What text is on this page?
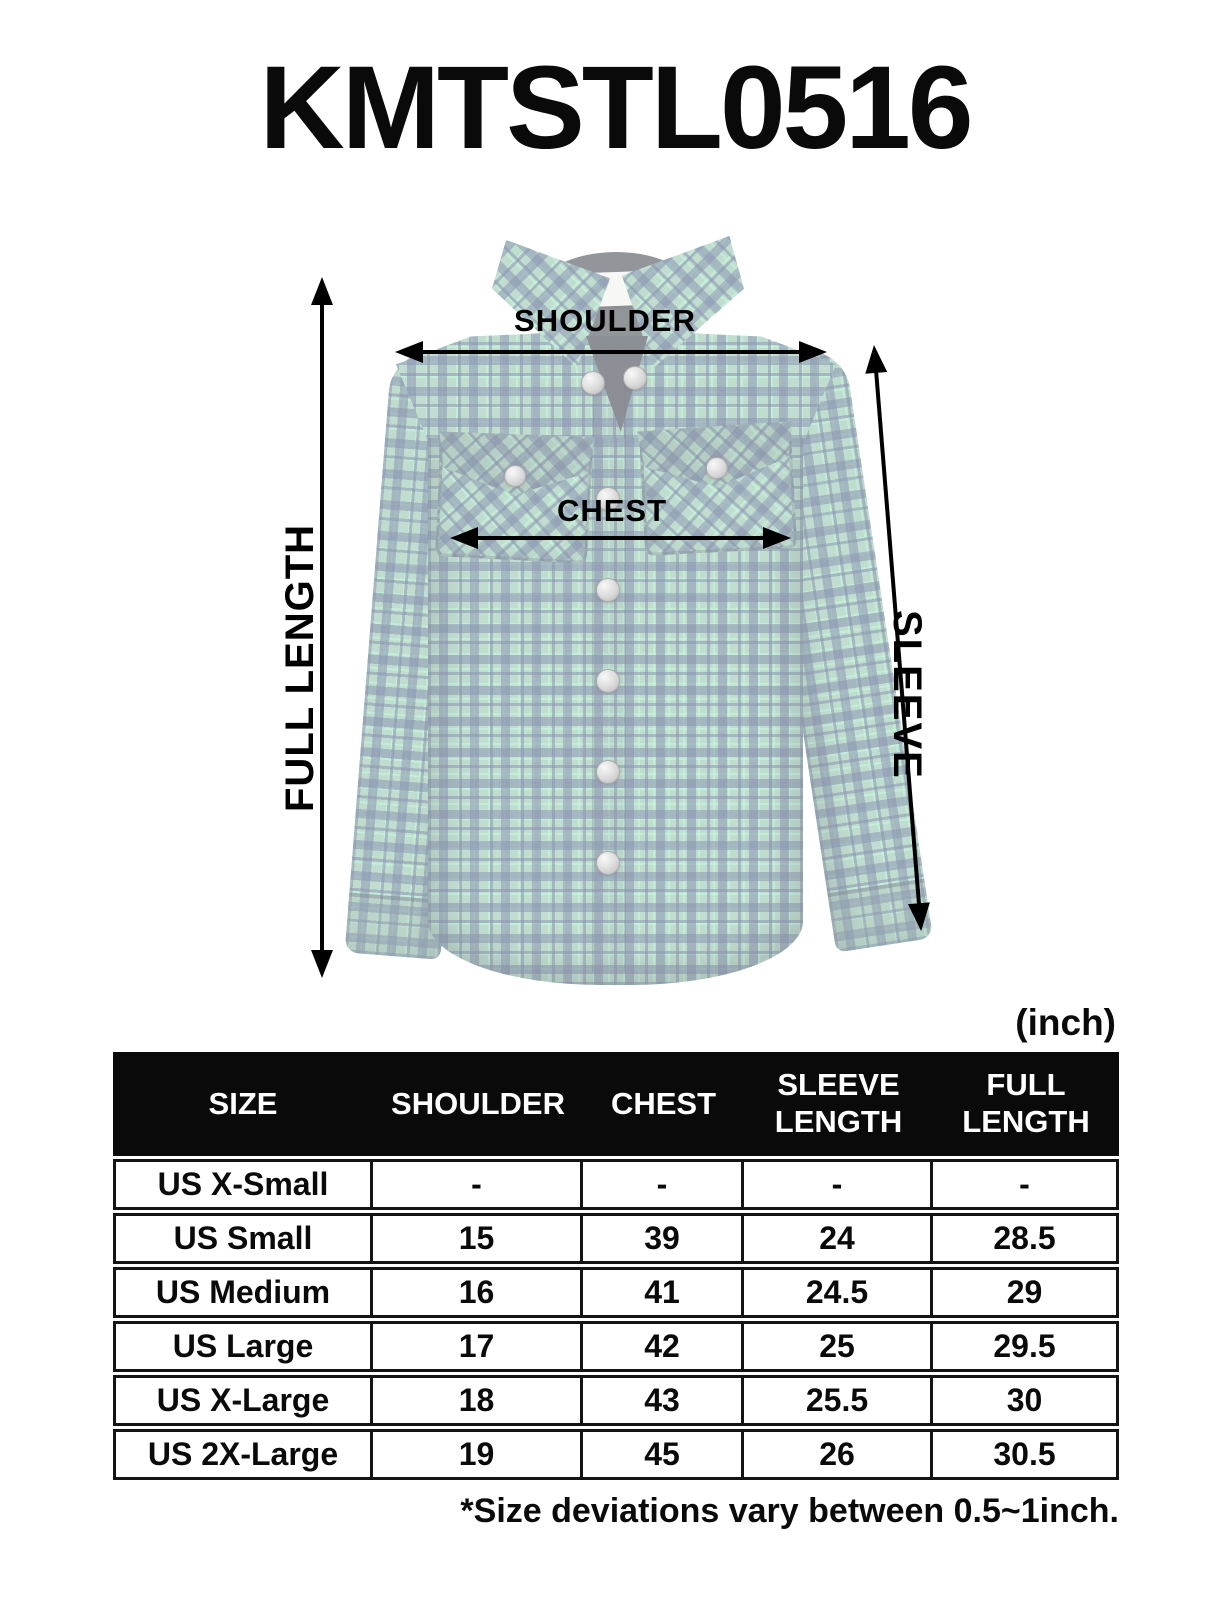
KMTSTL0516
FULL LENGTH
SHOULDER
CHEST
SLEEVE
(inch)
SIZE	SHOULDER	CHEST	SLEEVE LENGTH	FULL LENGTH
US X-Small	-	-	-	-
US Small	15	39	24	28.5
US Medium	16	41	24.5	29
US Large	17	42	25	29.5
US X-Large	18	43	25.5	30
US 2X-Large	19	45	26	30.5
*Size deviations vary between 0.5~1inch.
